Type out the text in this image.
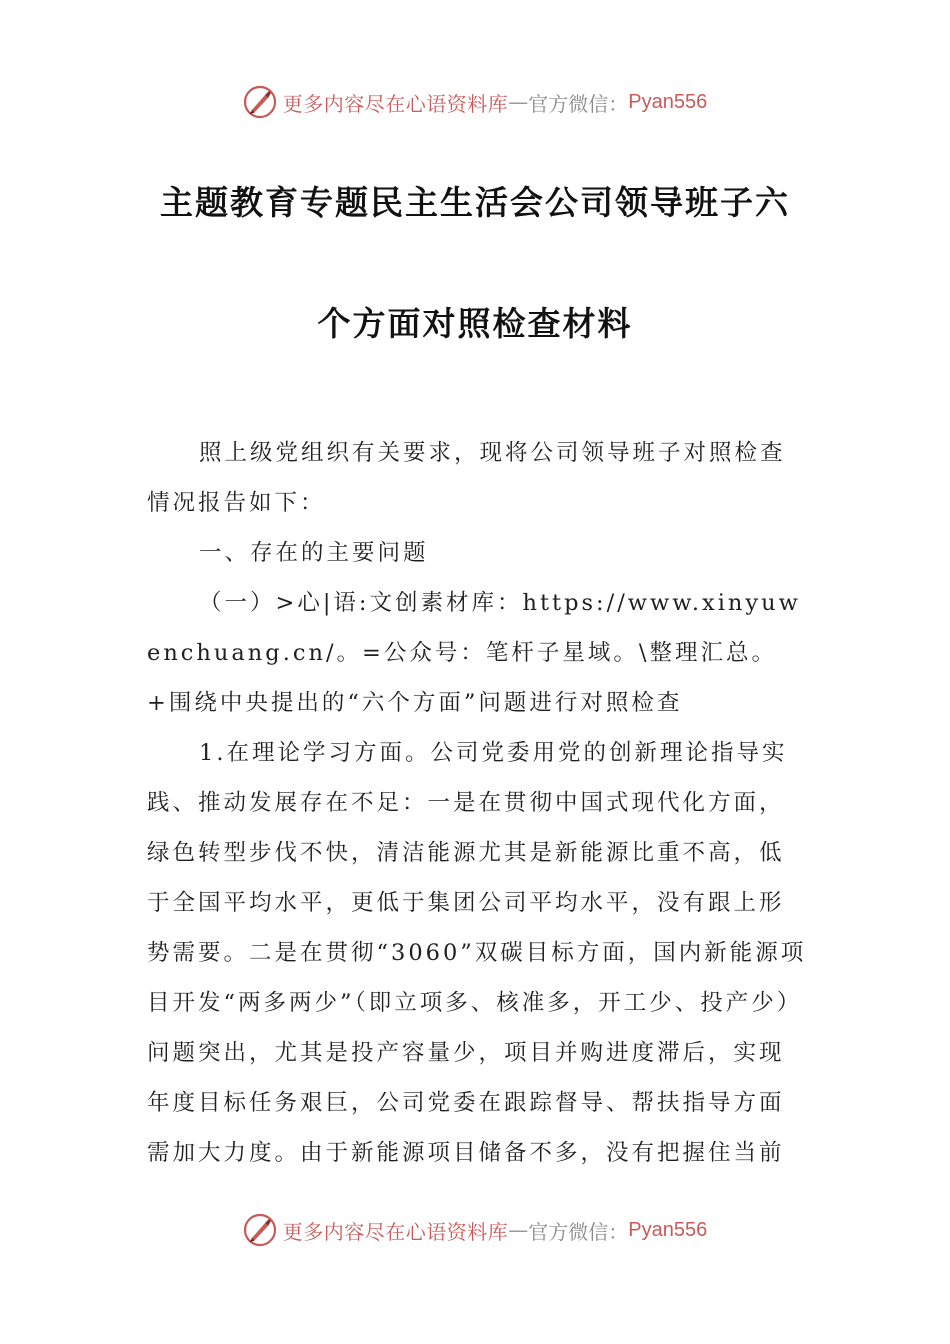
更多内容尽在心语资料库 — 官方微信： Pyan556
主题教育专题民主生活会公司领导班子六
个方面对照检查材料

照上级党组织有关要求，现将公司领导班子对照检查情况报告如下：

一、存在的主要问题

（一）>心|语:文创素材库：https://www.xinyuwenchuang.cn/。=公众号：笔杆子星域。\整理汇总。+围绕中央提出的“六个方面”问题进行对照检查

1.在理论学习方面。公司党委用党的创新理论指导实践、推动发展存在不足：一是在贯彻中国式现代化方面，绿色转型步伐不快，清洁能源尤其是新能源比重不高，低于全国平均水平，更低于集团公司平均水平，没有跟上形势需要。二是在贯彻“3060”双碳目标方面，国内新能源项目开发“两多两少”（即立项多、核准多，开工少、投产少）问题突出，尤其是投产容量少，项目并购进度滞后，实现年度目标任务艰巨，公司党委在跟踪督导、帮扶指导方面需加大力度。由于新能源项目储备不多，没有把握住当前

更多内容尽在心语资料库 — 官方微信： Pyan556
